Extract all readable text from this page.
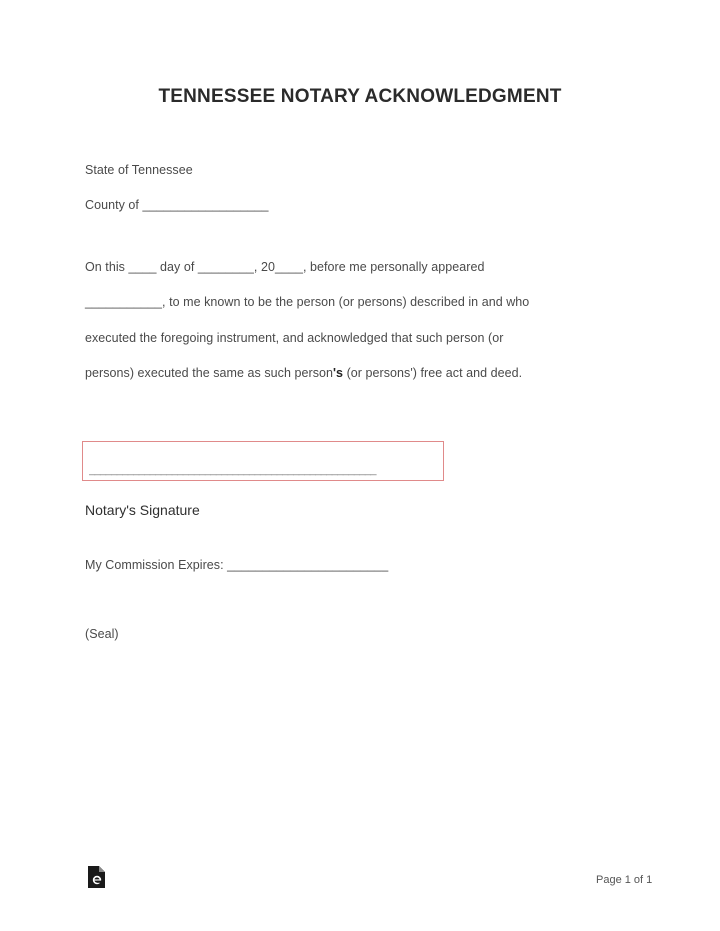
TENNESSEE NOTARY ACKNOWLEDGMENT
State of Tennessee
County of __________________
On this ____ day of ________, 20____, before me personally appeared
___________, to me known to be the person (or persons) described in and who
executed the foregoing instrument, and acknowledged that such person (or
persons) executed the same as such person's (or persons') free act and deed.
____________________________________________________
Notary's Signature
My Commission Expires: _______________________
(Seal)
Page 1 of 1
